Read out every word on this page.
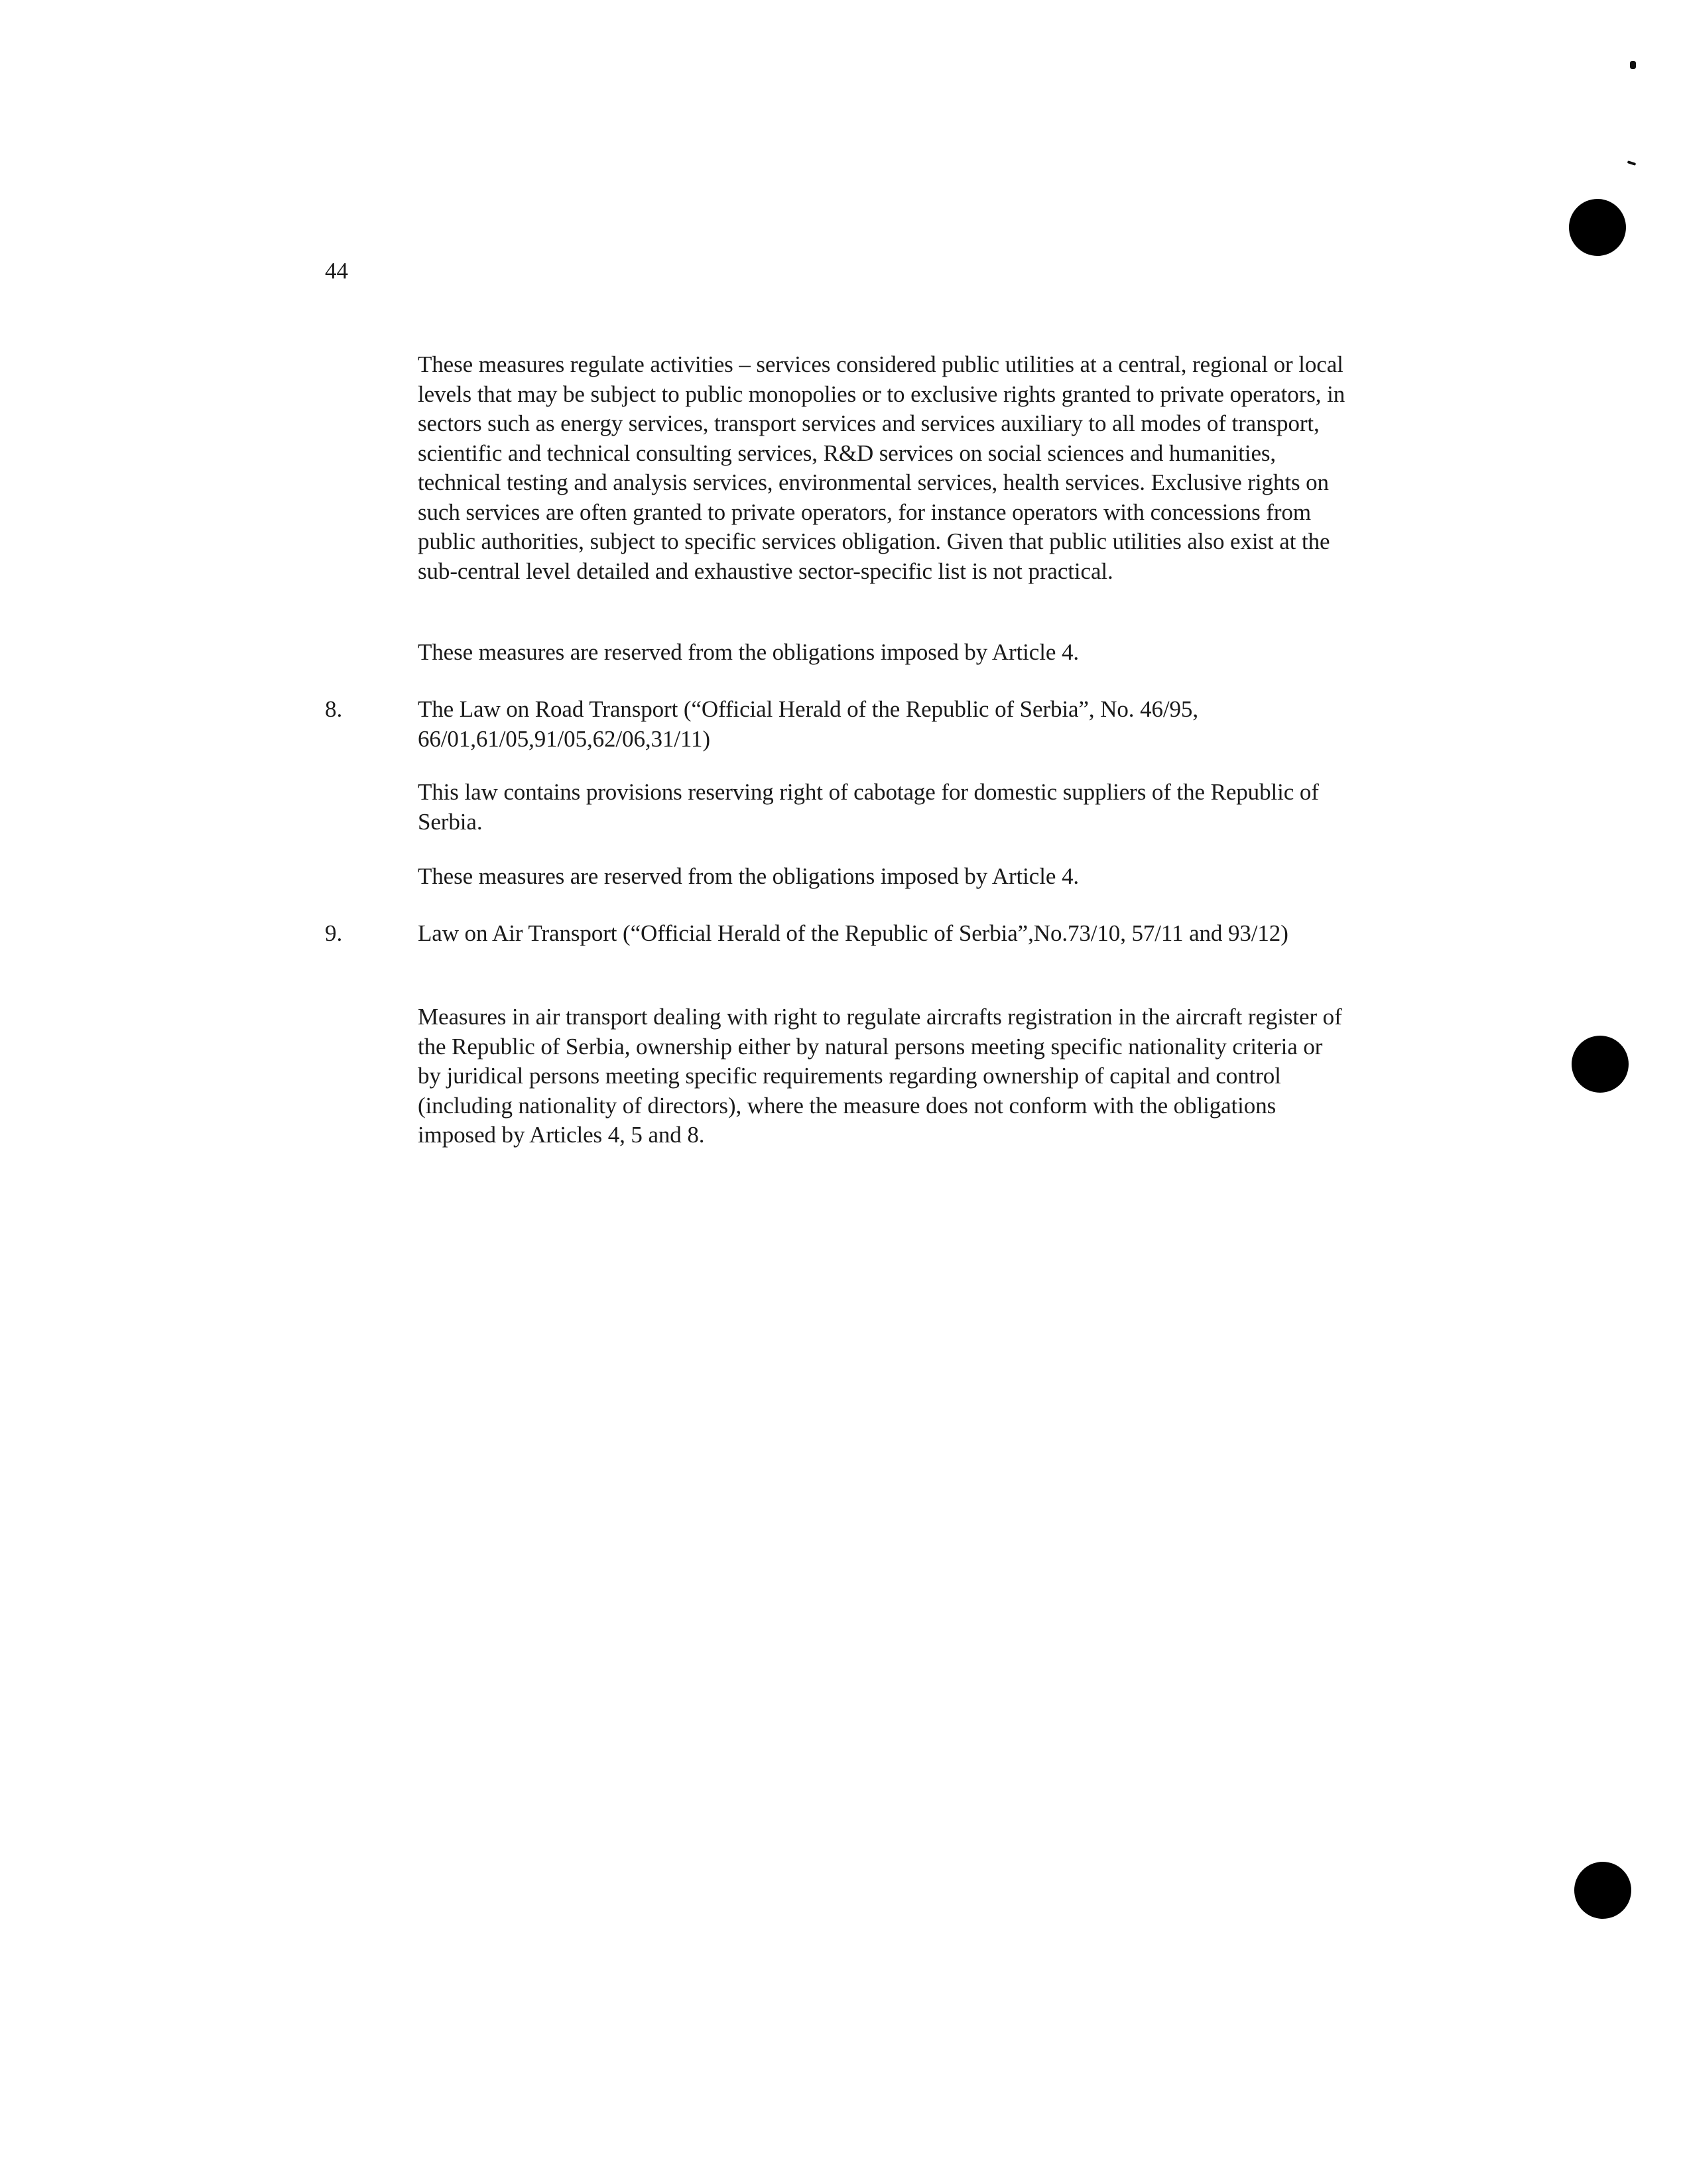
44
These measures regulate activities – services considered public utilities at a central, regional or local levels that may be subject to public monopolies or to exclusive rights granted to private operators, in sectors such as energy services, transport services and services auxiliary to all modes of transport, scientific and technical consulting services, R&D services on social sciences and humanities, technical testing and analysis services, environmental services, health services. Exclusive rights on such services are often granted to private operators, for instance operators with concessions from public authorities, subject to specific services obligation. Given that public utilities also exist at the sub-central level detailed and exhaustive sector-specific list is not practical.
These measures are reserved from the obligations imposed by Article 4.
8.	The Law on Road Transport (“Official Herald of the Republic of Serbia”, No. 46/95, 66/01,61/05,91/05,62/06,31/11)
This law contains provisions reserving right of cabotage for domestic suppliers of the Republic of Serbia.
These measures are reserved from the obligations imposed by Article 4.
9.	Law on Air Transport (“Official Herald of the Republic of Serbia”,No.73/10, 57/11 and 93/12)
Measures in air transport dealing with right to regulate aircrafts registration in the aircraft register of the Republic of Serbia, ownership either by natural persons meeting specific nationality criteria or by juridical persons meeting specific requirements regarding ownership of capital and control (including nationality of directors), where the measure does not conform with the obligations imposed by Articles 4, 5 and 8.
